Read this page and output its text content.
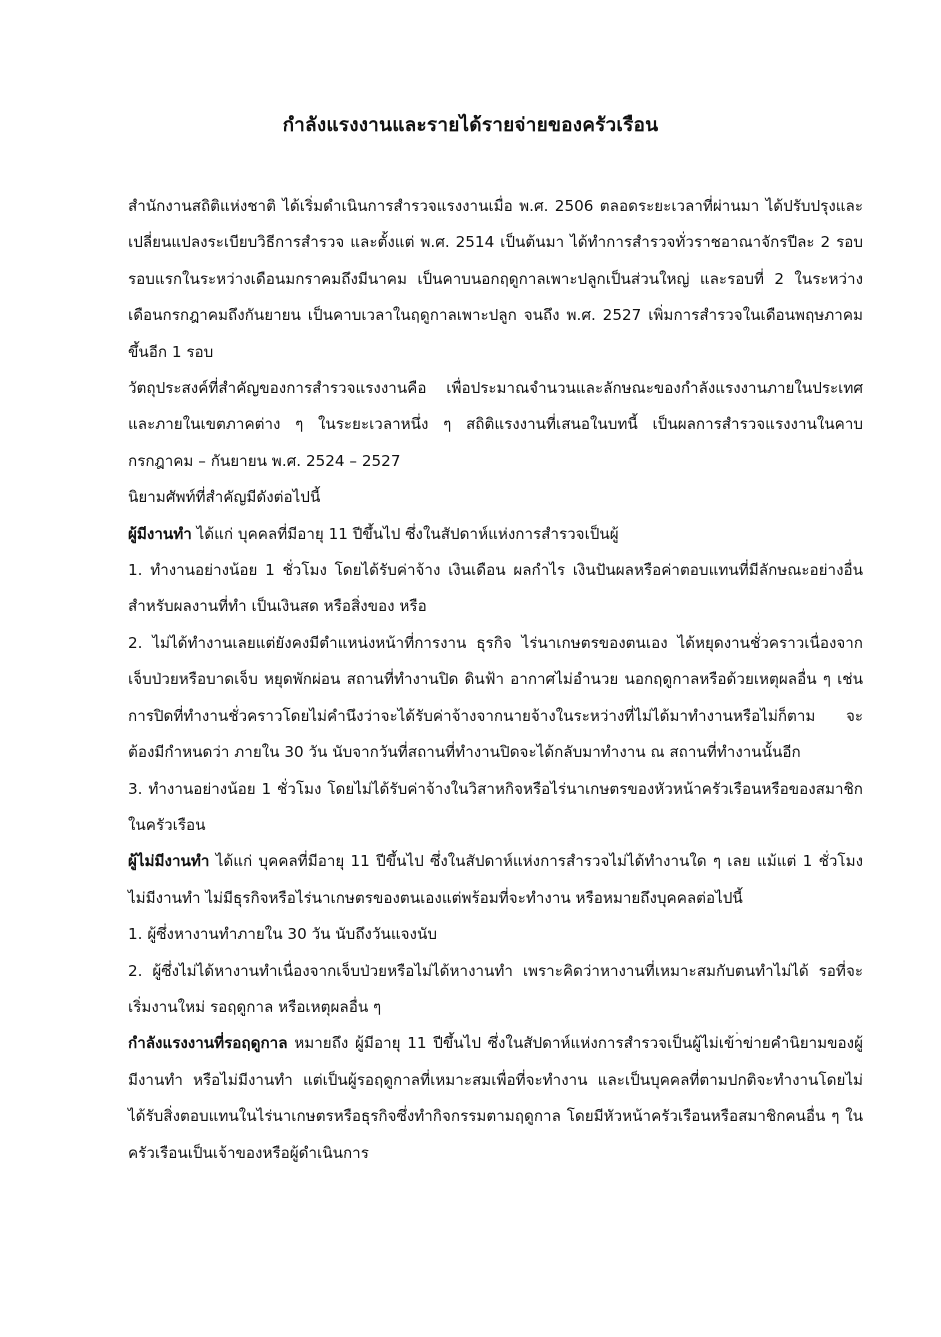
กำลังแรงงานและรายได้รายจ่ายของครัวเรือน

สำนักงานสถิติแห่งชาติ ได้เริ่มดำเนินการสำรวจแรงงานเมื่อ พ.ศ. 2506 ตลอดระยะเวลาที่ผ่านมา ได้ปรับปรุงและเปลี่ยนแปลงระเบียบวิธีการสำรวจ และตั้งแต่ พ.ศ. 2514 เป็นต้นมา ได้ทำการสำรวจทั่วราชอาณาจักรปีละ 2 รอบ รอบแรกในระหว่างเดือนมกราคมถึงมีนาคม เป็นคาบนอกฤดูกาลเพาะปลูกเป็นส่วนใหญ่ และรอบที่ 2 ในระหว่างเดือนกรกฎาคมถึงกันยายน เป็นคาบเวลาในฤดูกาลเพาะปลูก จนถึง พ.ศ. 2527 เพิ่มการสำรวจในเดือนพฤษภาคมขึ้นอีก 1 รอบ

วัตถุประสงค์ที่สำคัญของการสำรวจแรงงานคือ เพื่อประมาณจำนวนและลักษณะของกำลังแรงงานภายในประเทศ และภายในเขตภาคต่าง ๆ ในระยะเวลาหนึ่ง ๆ สถิติแรงงานที่เสนอในบทนี้ เป็นผลการสำรวจแรงงานในคาบ กรกฎาคม – กันยายน พ.ศ. 2524 – 2527

นิยามศัพท์ที่สำคัญมีดังต่อไปนี้

ผู้มีงานทำ ได้แก่ บุคคลที่มีอายุ 11 ปีขึ้นไป ซึ่งในสัปดาห์แห่งการสำรวจเป็นผู้

1. ทำงานอย่างน้อย 1 ชั่วโมง โดยได้รับค่าจ้าง เงินเดือน ผลกำไร เงินปันผลหรือค่าตอบแทนที่มีลักษณะอย่างอื่น สำหรับผลงานที่ทำ เป็นเงินสด หรือสิ่งของ หรือ

2. ไม่ได้ทำงานเลยแต่ยังคงมีตำแหน่งหน้าที่การงาน ธุรกิจ ไร่นาเกษตรของตนเอง ได้หยุดงานชั่วคราวเนื่องจากเจ็บป่วยหรือบาดเจ็บ หยุดพักผ่อน สถานที่ทำงานปิด ดินฟ้า อากาศไม่อำนวย นอกฤดูกาลหรือด้วยเหตุผลอื่น ๆ เช่น การปิดที่ทำงานชั่วคราวโดยไม่คำนึงว่าจะได้รับค่าจ้างจากนายจ้างในระหว่างที่ไม่ได้มาทำงานหรือไม่ก็ตาม จะต้องมีกำหนดว่า ภายใน 30 วัน นับจากวันที่สถานที่ทำงานปิดจะได้กลับมาทำงาน ณ สถานที่ทำงานนั้นอีก

3. ทำงานอย่างน้อย 1 ชั่วโมง โดยไม่ได้รับค่าจ้างในวิสาหกิจหรือไร่นาเกษตรของหัวหน้าครัวเรือนหรือของสมาชิกในครัวเรือน

ผู้ไม่มีงานทำ ได้แก่ บุคคลที่มีอายุ 11 ปีขึ้นไป ซึ่งในสัปดาห์แห่งการสำรวจไม่ได้ทำงานใด ๆ เลย แม้แต่ 1 ชั่วโมง ไม่มีงานทำ ไม่มีธุรกิจหรือไร่นาเกษตรของตนเองแต่พร้อมที่จะทำงาน หรือหมายถึงบุคคลต่อไปนี้

1. ผู้ซึ่งหางานทำภายใน 30 วัน นับถึงวันแจงนับ

2. ผู้ซึ่งไม่ได้หางานทำเนื่องจากเจ็บป่วยหรือไม่ได้หางานทำ เพราะคิดว่าหางานที่เหมาะสมกับตนทำไม่ได้ รอที่จะเริ่มงานใหม่ รอฤดูกาล หรือเหตุผลอื่น ๆ

กำลังแรงงานที่รอฤดูกาล หมายถึง ผู้มีอายุ 11 ปีขึ้นไป ซึ่งในสัปดาห์แห่งการสำรวจเป็นผู้ไม่เข้าข่ายคำนิยามของผู้มีงานทำ หรือไม่มีงานทำ แต่เป็นผู้รอฤดูกาลที่เหมาะสมเพื่อที่จะทำงาน และเป็นบุคคลที่ตามปกติจะทำงานโดยไม่ได้รับสิ่งตอบแทนในไร่นาเกษตรหรือธุรกิจซึ่งทำกิจกรรมตามฤดูกาล โดยมีหัวหน้าครัวเรือนหรือสมาชิกคนอื่น ๆ ในครัวเรือนเป็นเจ้าของหรือผู้ดำเนินการ
